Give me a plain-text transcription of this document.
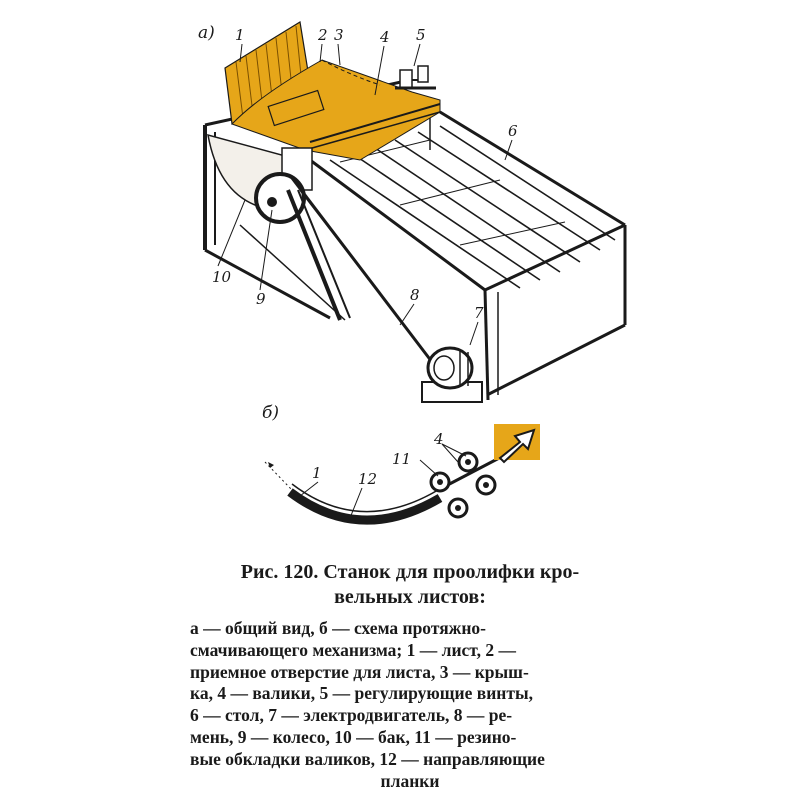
а) 1	2 3 4 5
6
7
8
9
10
б)
1 12
11
4
Рис. 120. Станок для проолифки кро-
вельных листов:
а — общий вид, б — схема протяжно-
смачивающего механизма; 1 — лист, 2 —
приемное отверстие для листа, 3 — крыш-
ка, 4 — валики, 5 — регулирующие винты,
6 — стол, 7 — электродвигатель, 8 — ре-
мень, 9 — колесо, 10 — бак, 11 — резино-
вые обкладки валиков, 12 — направляющие
планки
